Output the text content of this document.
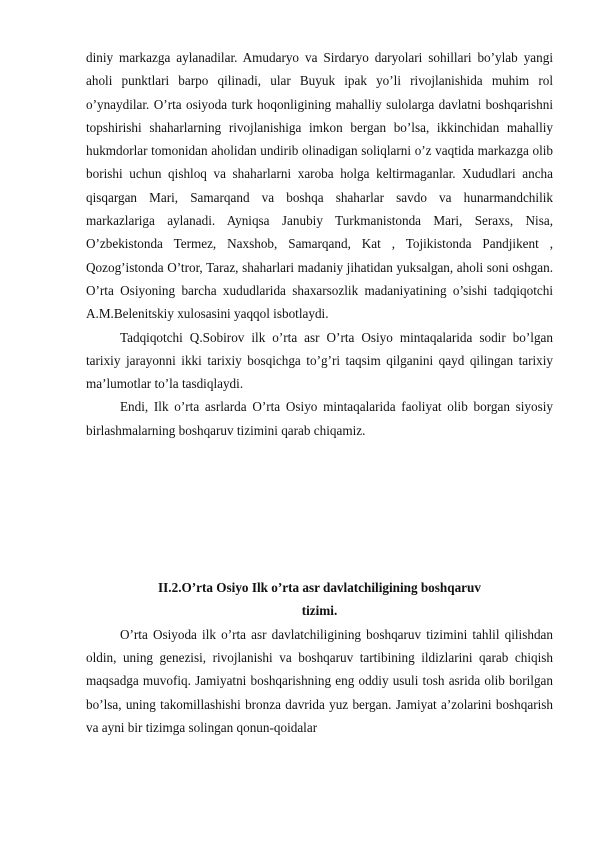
diniy markazga aylanadilar. Amudaryo va Sirdaryo daryolari sohillari bo’ylab yangi aholi punktlari barpo qilinadi, ular Buyuk ipak yo’li rivojlanishida muhim rol o’ynaydilar. O’rta osiyoda turk hoqonligining mahalliy sulolarga davlatni boshqarishni topshirishi shaharlarning rivojlanishiga imkon bergan bo’lsa, ikkinchidan mahalliy hukmdorlar tomonidan aholidan undirib olinadigan soliqlarni o’z vaqtida markazga olib borishi uchun qishloq va shaharlarni xaroba holga keltirmaganlar. Xududlari ancha qisqargan Mari, Samarqand va boshqa shaharlar savdo va hunarmandchilik markazlariga aylanadi. Ayniqsa Janubiy Turkmanistonda Mari, Seraxs, Nisa, O’zbekistonda Termez, Naxshob, Samarqand, Kat , Tojikistonda Pandjikent , Qozog’istonda O’tror, Taraz, shaharlari madaniy jihatidan yuksalgan, aholi soni oshgan. O’rta Osiyoning barcha xududlarida shaxarsozlik madaniyatining o’sishi tadqiqotchi A.M.Belenitskiy xulosasini yaqqol isbotlaydi.

Tadqiqotchi Q.Sobirov ilk o’rta asr O’rta Osiyo mintaqalarida sodir bo’lgan tarixiy jarayonni ikki tarixiy bosqichga to’g’ri taqsim qilganini qayd qilingan tarixiy ma’lumotlar to’la tasdiqlaydi.

Endi, Ilk o’rta asrlarda O’rta Osiyo mintaqalarida faoliyat olib borgan siyosiy birlashmalarning boshqaruv tizimini qarab chiqamiz.

II.2.O’rta Osiyo Ilk o’rta asr davlatchiligining boshqaruv
tizimi.

O’rta Osiyoda ilk o’rta asr davlatchiligining boshqaruv tizimini tahlil qilishdan oldin, uning genezisi, rivojlanishi va boshqaruv tartibining ildizlarini qarab chiqish maqsadga muvofiq. Jamiyatni boshqarishning eng oddiy usuli tosh asrida olib borilgan bo’lsa, uning takomillashishi bronza davrida yuz bergan. Jamiyat a’zolarini boshqarish va ayni bir tizimga solingan qonun-qoidalar
